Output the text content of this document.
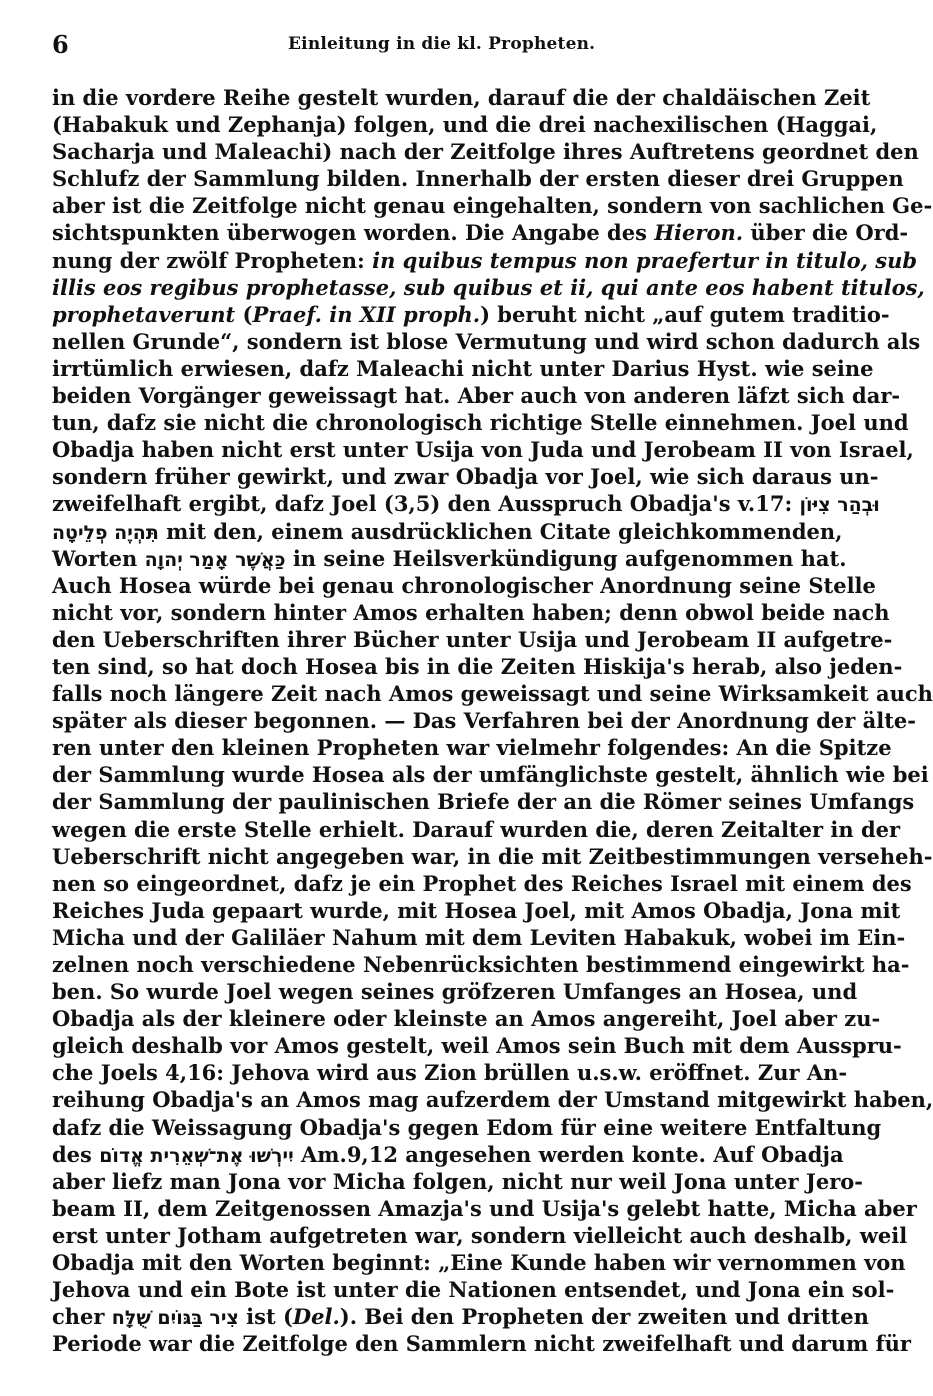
6	Einleitung in die kl. Propheten.
in die vordere Reihe gestelt wurden, darauf die der chaldäischen Zeit
(Habakuk und Zephanja) folgen, und die drei nachexilischen (Haggai,
Sacharja und Maleachi) nach der Zeitfolge ihres Auftretens geordnet den
Schlufz der Sammlung bilden. Innerhalb der ersten dieser drei Gruppen
aber ist die Zeitfolge nicht genau eingehalten, sondern von sachlichen Ge-
sichtspunkten überwogen worden. Die Angabe des Hieron. über die Ord-
nung der zwölf Propheten: in quibus tempus non praefertur in titulo, sub
illis eos regibus prophetasse, sub quibus et ii, qui ante eos habent titulos,
prophetaverunt (Praef. in XII proph.) beruht nicht „auf gutem traditio-
nellen Grunde“, sondern ist blose Vermutung und wird schon dadurch als
irrtümlich erwiesen, dafz Maleachi nicht unter Darius Hyst. wie seine
beiden Vorgänger geweissagt hat. Aber auch von anderen läfzt sich dar-
tun, dafz sie nicht die chronologisch richtige Stelle einnehmen. Joel und
Obadja haben nicht erst unter Usija von Juda und Jerobeam II von Israel,
sondern früher gewirkt, und zwar Obadja vor Joel, wie sich daraus un-
zweifelhaft ergibt, dafz Joel (3,5) den Ausspruch Obadja's v.17: וּבְהַר צִיּוֹן
תִּהְיֶה פְלֵיטָה mit den, einem ausdrücklichen Citate gleichkommenden,
Worten כַּאֲשֶׁר אָמַר יְהוָה in seine Heilsverkündigung aufgenommen hat.
Auch Hosea würde bei genau chronologischer Anordnung seine Stelle
nicht vor, sondern hinter Amos erhalten haben; denn obwol beide nach
den Ueberschriften ihrer Bücher unter Usija und Jerobeam II aufgetre-
ten sind, so hat doch Hosea bis in die Zeiten Hiskija's herab, also jeden-
falls noch längere Zeit nach Amos geweissagt und seine Wirksamkeit auch
später als dieser begonnen. — Das Verfahren bei der Anordnung der älte-
ren unter den kleinen Propheten war vielmehr folgendes: An die Spitze
der Sammlung wurde Hosea als der umfänglichste gestelt, ähnlich wie bei
der Sammlung der paulinischen Briefe der an die Römer seines Umfangs
wegen die erste Stelle erhielt. Darauf wurden die, deren Zeitalter in der
Ueberschrift nicht angegeben war, in die mit Zeitbestimmungen verseheh-
nen so eingeordnet, dafz je ein Prophet des Reiches Israel mit einem des
Reiches Juda gepaart wurde, mit Hosea Joel, mit Amos Obadja, Jona mit
Micha und der Galiläer Nahum mit dem Leviten Habakuk, wobei im Ein-
zelnen noch verschiedene Nebenrücksichten bestimmend eingewirkt ha-
ben. So wurde Joel wegen seines gröfzeren Umfanges an Hosea, und
Obadja als der kleinere oder kleinste an Amos angereiht, Joel aber zu-
gleich deshalb vor Amos gestelt, weil Amos sein Buch mit dem Ausspru-
che Joels 4,16: Jehova wird aus Zion brüllen u.s.w. eröffnet. Zur An-
reihung Obadja's an Amos mag aufzerdem der Umstand mitgewirkt haben,
dafz die Weissagung Obadja's gegen Edom für eine weitere Entfaltung
des יִירְשׁוּ אֶת־שְׁאֵרִית אֱדוֹם Am.9,12 angesehen werden konte. Auf Obadja
aber liefz man Jona vor Micha folgen, nicht nur weil Jona unter Jero-
beam II, dem Zeitgenossen Amazja's und Usija's gelebt hatte, Micha aber
erst unter Jotham aufgetreten war, sondern vielleicht auch deshalb, weil
Obadja mit den Worten beginnt: „Eine Kunde haben wir vernommen von
Jehova und ein Bote ist unter die Nationen entsendet, und Jona ein sol-
cher צִיר בַּגּוֹיִם שֻׁלָּח ist (Del.). Bei den Propheten der zweiten und dritten
Periode war die Zeitfolge den Sammlern nicht zweifelhaft und darum für
